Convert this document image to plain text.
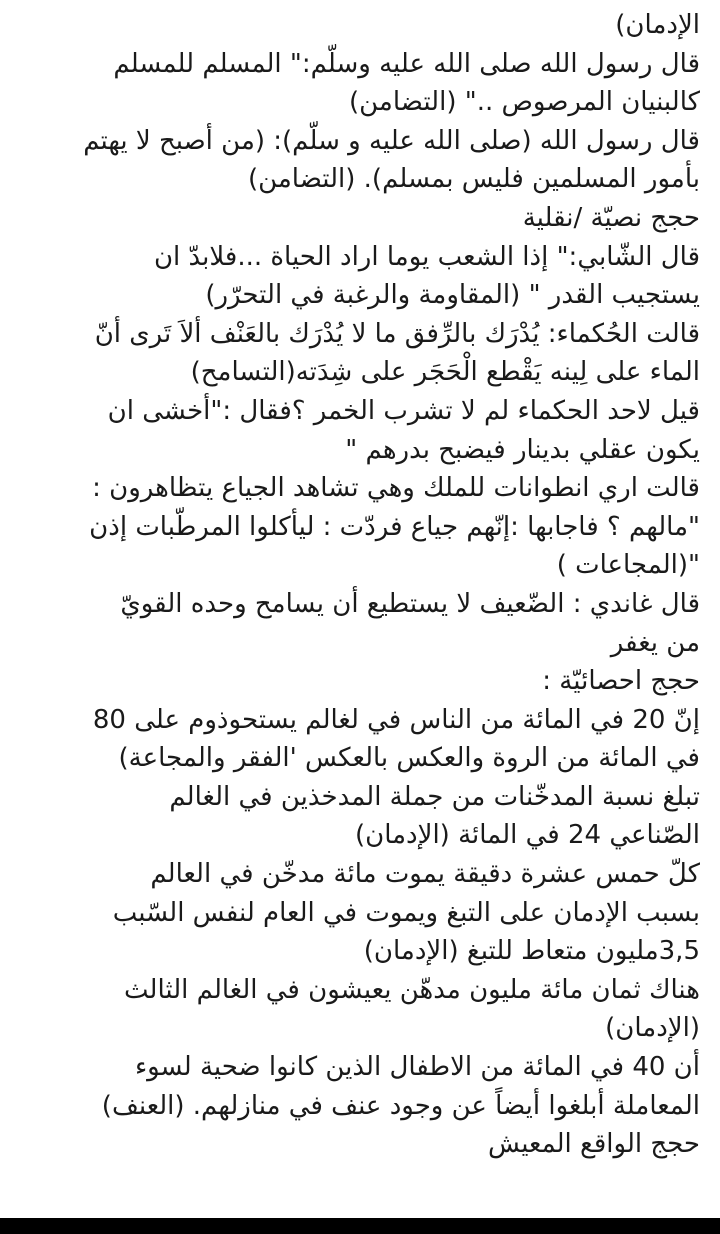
الإدمان)
قال رسول الله صلى الله عليه وسلّم:" المسلم للمسلم
كالبنيان المرصوص .." (التضامن)
قال رسول الله (صلى الله عليه و سلّم): (من أصبح لا يهتم
بأمور المسلمين فليس بمسلم). (التضامن)
حجج نصيّة /نقلية
قال الشّابي:" إذا الشعب يوما اراد الحياة ...فلابدّ ان
يستجيب القدر " (المقاومة والرغبة في التحرّر)
قالت الحُكماء: يُدْرَك بالرِّفق ما لا يُدْرَك بالعَنْف ألاَ تَرى أنّ
الماء على لِينه يَقْطع الْحَجَر على شِدَته(التسامح)
قيل لاحد الحكماء لم لا تشرب الخمر ؟فقال :"أخشى ان
يكون عقلي بدينار فيضبح بدرهم "
قالت اري انطوانات للملك وهي تشاهد الجياع يتظاهرون :
"مالهم ؟ فاجابها :إنّهم جياع فردّت : ليأكلوا المرطّبات إذن
"(المجاعات )
قال غاندي : الضّعيف لا يستطيع أن يسامح وحده القويّ
من يغفر
حجج احصائيّة :
إنّ 20 في المائة من الناس في لغالم يستحوذوم على 80
في المائة من الروة والعكس بالعكس 'الفقر والمجاعة)
تبلغ نسبة المدخّنات من جملة المدخذين في الغالم
الصّناعي 24 في المائة (الإدمان)
كلّ حمس عشرة دقيقة يموت مائة مدخّن في العالم
بسبب الإدمان على التبغ ويموت في العام لنفس السّبب
3,5مليون متعاط للتبغ (الإدمان)
هناك ثمان مائة مليون مدهّن يعيشون في الغالم الثالث
(الإدمان)
أن 40 في المائة من الاطفال الذين كانوا ضحية لسوء
المعاملة أبلغوا أيضاً عن وجود عنف في منازلهم. (العنف)
حجج الواقع المعيش
